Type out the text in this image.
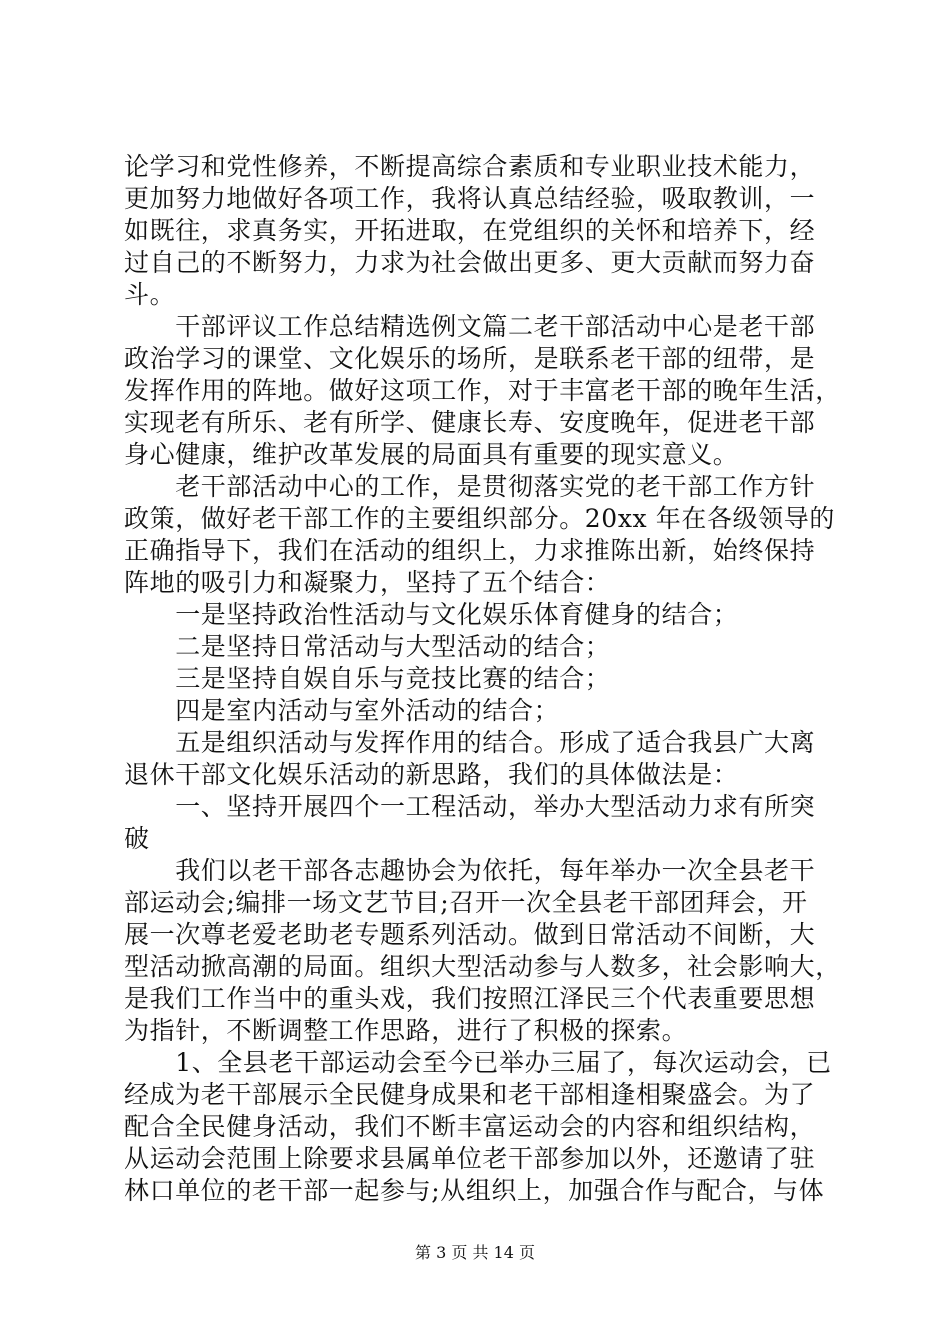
论学习和党性修养，不断提高综合素质和专业职业技术能力，
更加努力地做好各项工作，我将认真总结经验，吸取教训，一
如既往，求真务实，开拓进取，在党组织的关怀和培养下，经
过自己的不断努力，力求为社会做出更多、更大贡献而努力奋
斗。
　　干部评议工作总结精选例文篇二老干部活动中心是老干部
政治学习的课堂、文化娱乐的场所，是联系老干部的纽带，是
发挥作用的阵地。做好这项工作，对于丰富老干部的晚年生活，
实现老有所乐、老有所学、健康长寿、安度晚年，促进老干部
身心健康，维护改革发展的局面具有重要的现实意义。
　　老干部活动中心的工作，是贯彻落实党的老干部工作方针
政策，做好老干部工作的主要组织部分。20xx 年在各级领导的
正确指导下，我们在活动的组织上，力求推陈出新，始终保持
阵地的吸引力和凝聚力，坚持了五个结合：
　　一是坚持政治性活动与文化娱乐体育健身的结合；
　　二是坚持日常活动与大型活动的结合；
　　三是坚持自娱自乐与竞技比赛的结合；
　　四是室内活动与室外活动的结合；
　　五是组织活动与发挥作用的结合。形成了适合我县广大离
退休干部文化娱乐活动的新思路，我们的具体做法是：
　　一、坚持开展四个一工程活动，举办大型活动力求有所突
破
　　我们以老干部各志趣协会为依托，每年举办一次全县老干
部运动会;编排一场文艺节目;召开一次全县老干部团拜会，开
展一次尊老爱老助老专题系列活动。做到日常活动不间断，大
型活动掀高潮的局面。组织大型活动参与人数多，社会影响大，
是我们工作当中的重头戏，我们按照江泽民三个代表重要思想
为指针，不断调整工作思路，进行了积极的探索。
　　1、全县老干部运动会至今已举办三届了，每次运动会，已
经成为老干部展示全民健身成果和老干部相逢相聚盛会。为了
配合全民健身活动，我们不断丰富运动会的内容和组织结构，
从运动会范围上除要求县属单位老干部参加以外，还邀请了驻
林口单位的老干部一起参与;从组织上，加强合作与配合，与体
第 3 页 共 14 页
